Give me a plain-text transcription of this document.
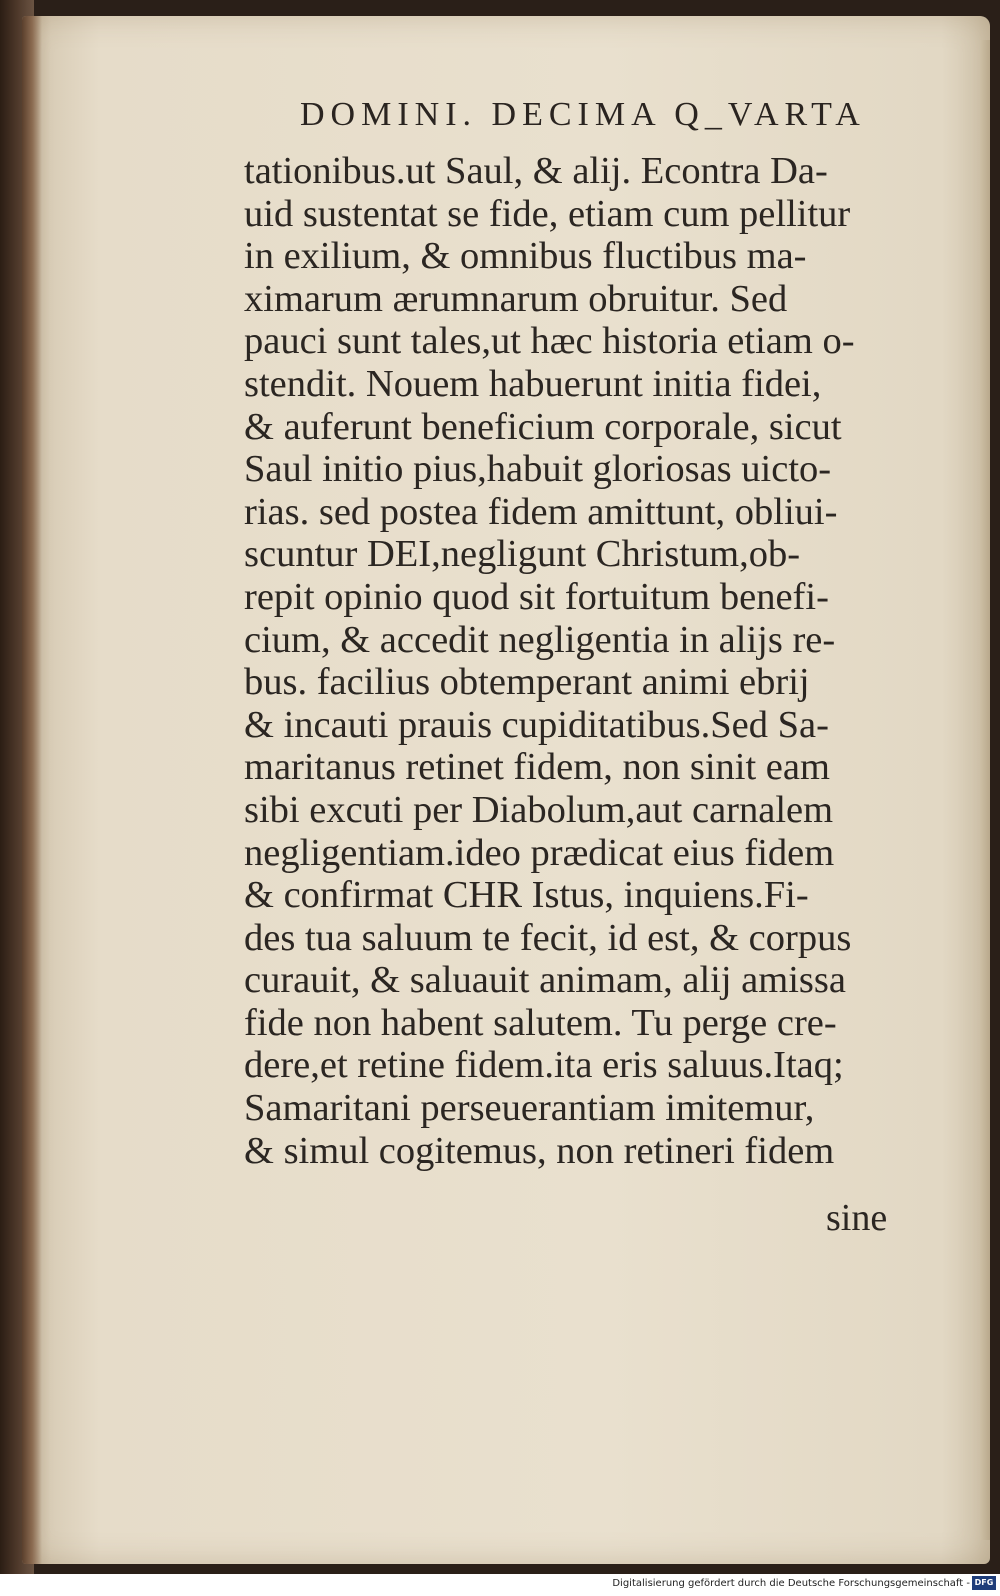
DOMINI. DECIMA Q_VARTA
tationibus.ut Saul, & alij. Econtra Da-
uid sustentat se fide, etiam cum pellitur
in exilium, & omnibus fluctibus ma-
ximarum ærumnarum obruitur. Sed
pauci sunt tales,ut hæc historia etiam o-
stendit. Nouem habuerunt initia fidei,
& auferunt beneficium corporale, sicut
Saul initio pius,habuit gloriosas uicto-
rias. sed postea fidem amittunt, obliui-
scuntur DEI,negligunt Christum,ob-
repit opinio quod sit fortuitum benefi-
cium, & accedit negligentia in alijs re-
bus. facilius obtemperant animi ebrij
& incauti prauis cupiditatibus.Sed Sa-
maritanus retinet fidem, non sinit eam
sibi excuti per Diabolum,aut carnalem
negligentiam.ideo prædicat eius fidem
& confirmat CHR Istus, inquiens.Fi-
des tua saluum te fecit, id est, & corpus
curauit, & saluauit animam, alij amissa
fide non habent salutem. Tu perge cre-
dere,et retine fidem.ita eris saluus.Itaq;
Samaritani perseuerantiam imitemur,
& simul cogitemus, non retineri fidem
sine
Digitalisierung gefördert durch die Deutsche Forschungsgemeinschaft - DFG
